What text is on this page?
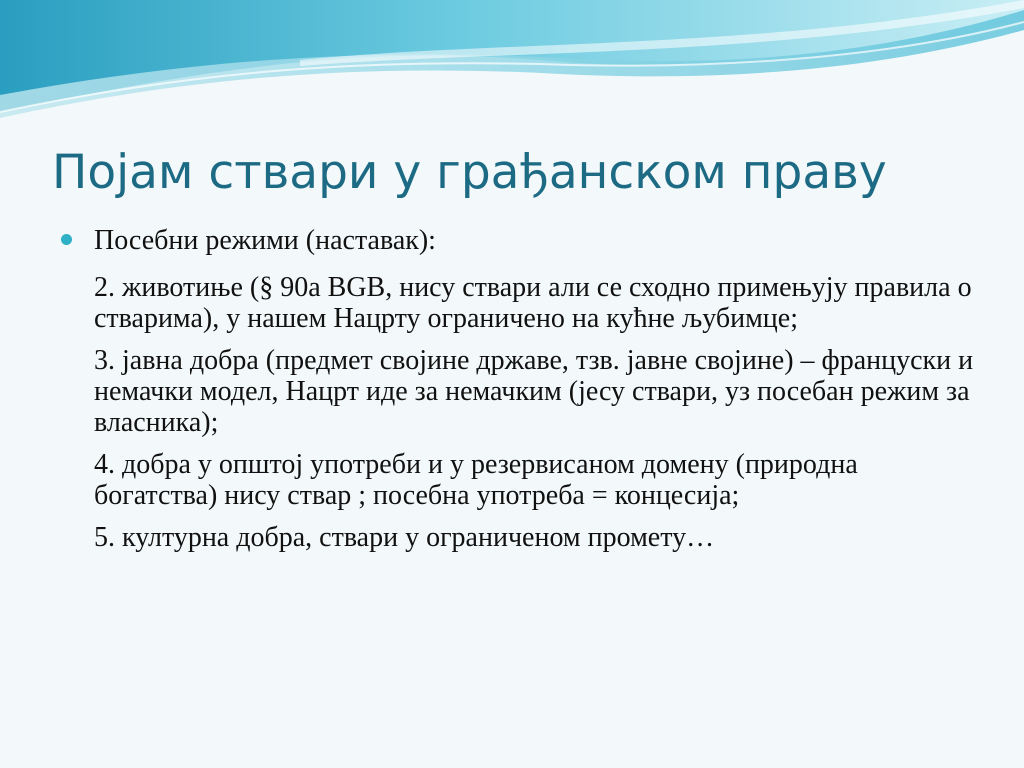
Појам ствари у грађанском праву
Посебни режими (наставак):
2. животиње (§ 90а BGB, нису ствари али се сходно примењују правила о стварима), у нашем Нацрту ограничено на кућне љубимце;
3. јавна добра (предмет својине државе, тзв. јавне својине) – француски и немачки модел, Нацрт иде за немачким (јесу ствари, уз посебан режим за власника);
4. добра у општој употреби и у резервисаном домену (природна богатства) нису ствар ; посебна употреба = концесија;
5. културна добра, ствари у ограниченом промету…
